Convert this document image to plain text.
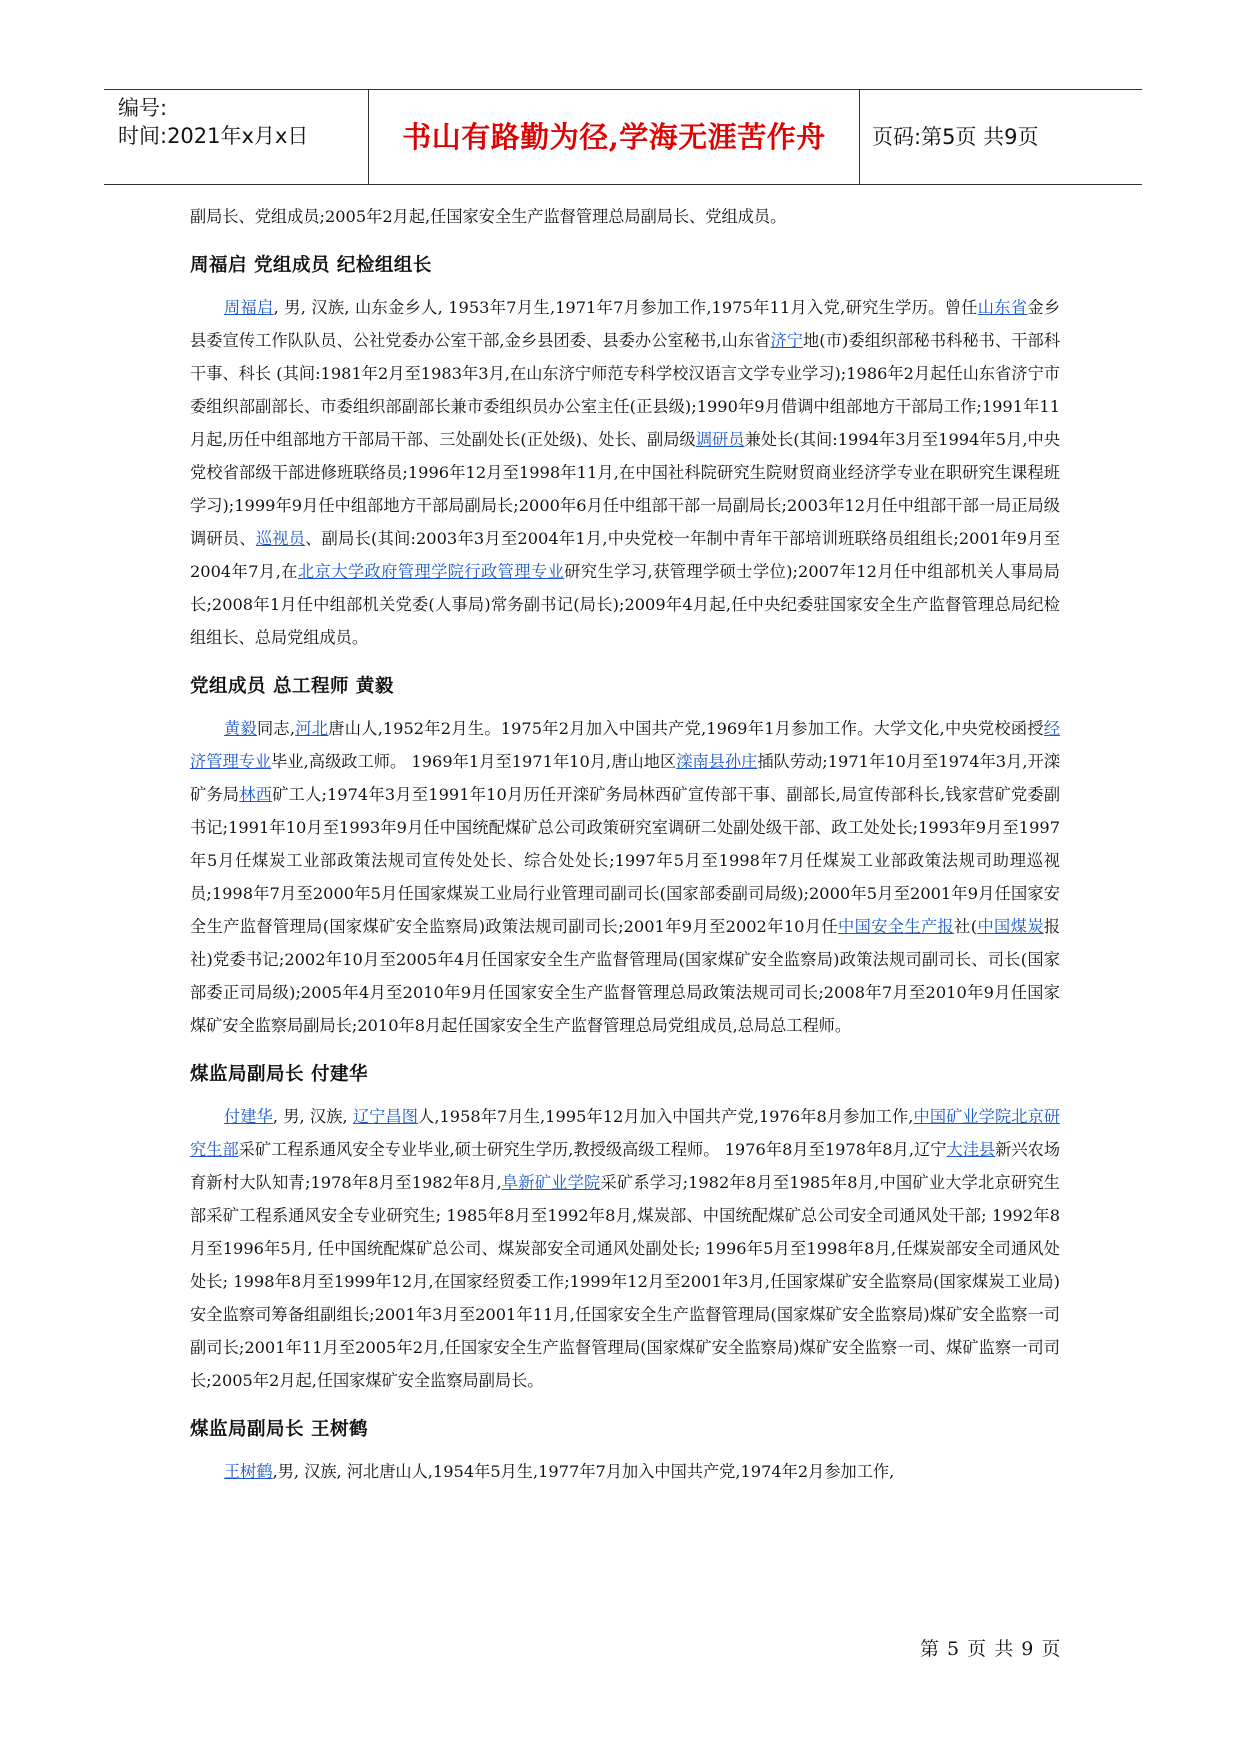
编号:
时间:2021年x月x日	书山有路勤为径,学海无涯苦作舟	页码:第5页 共9页

副局长、党组成员;2005年2月起,任国家安全生产监督管理总局副局长、党组成员。

周福启 党组成员 纪检组组长

周福启, 男, 汉族, 山东金乡人, 1953年7月生,1971年7月参加工作,1975年11月入党,研究生学历。曾任山东省金乡县委宣传工作队队员、公社党委办公室干部,金乡县团委、县委办公室秘书,山东省济宁地(市)委组织部秘书科秘书、干部科干事、科长 (其间:1981年2月至1983年3月,在山东济宁师范专科学校汉语言文学专业学习);1986年2月起任山东省济宁市委组织部副部长、市委组织部副部长兼市委组织员办公室主任(正县级);1990年9月借调中组部地方干部局工作;1991年11月起,历任中组部地方干部局干部、三处副处长(正处级)、处长、副局级调研员兼处长(其间:1994年3月至1994年5月,中央党校省部级干部进修班联络员;1996年12月至1998年11月,在中国社科院研究生院财贸商业经济学专业在职研究生课程班学习);1999年9月任中组部地方干部局副局长;2000年6月任中组部干部一局副局长;2003年12月任中组部干部一局正局级调研员、巡视员、副局长(其间:2003年3月至2004年1月,中央党校一年制中青年干部培训班联络员组组长;2001年9月至2004年7月,在北京大学政府管理学院行政管理专业研究生学习,获管理学硕士学位);2007年12月任中组部机关人事局局长;2008年1月任中组部机关党委(人事局)常务副书记(局长);2009年4月起,任中央纪委驻国家安全生产监督管理总局纪检组组长、总局党组成员。

党组成员 总工程师 黄毅

黄毅同志,河北唐山人,1952年2月生。1975年2月加入中国共产党,1969年1月参加工作。大学文化,中央党校函授经济管理专业毕业,高级政工师。 1969年1月至1971年10月,唐山地区滦南县孙庄插队劳动;1971年10月至1974年3月,开滦矿务局林西矿工人;1974年3月至1991年10月历任开滦矿务局林西矿宣传部干事、副部长,局宣传部科长,钱家营矿党委副书记;1991年10月至1993年9月任中国统配煤矿总公司政策研究室调研二处副处级干部、政工处处长;1993年9月至1997年5月任煤炭工业部政策法规司宣传处处长、综合处处长;1997年5月至1998年7月任煤炭工业部政策法规司助理巡视员;1998年7月至2000年5月任国家煤炭工业局行业管理司副司长(国家部委副司局级);2000年5月至2001年9月任国家安全生产监督管理局(国家煤矿安全监察局)政策法规司副司长;2001年9月至2002年10月任中国安全生产报社(中国煤炭报社)党委书记;2002年10月至2005年4月任国家安全生产监督管理局(国家煤矿安全监察局)政策法规司副司长、司长(国家部委正司局级);2005年4月至2010年9月任国家安全生产监督管理总局政策法规司司长;2008年7月至2010年9月任国家煤矿安全监察局副局长;2010年8月起任国家安全生产监督管理总局党组成员,总局总工程师。

煤监局副局长 付建华

付建华, 男, 汉族, 辽宁昌图人,1958年7月生,1995年12月加入中国共产党,1976年8月参加工作,中国矿业学院北京研究生部采矿工程系通风安全专业毕业,硕士研究生学历,教授级高级工程师。 1976年8月至1978年8月,辽宁大洼县新兴农场育新村大队知青;1978年8月至1982年8月,阜新矿业学院采矿系学习;1982年8月至1985年8月,中国矿业大学北京研究生部采矿工程系通风安全专业研究生; 1985年8月至1992年8月,煤炭部、中国统配煤矿总公司安全司通风处干部; 1992年8月至1996年5月, 任中国统配煤矿总公司、煤炭部安全司通风处副处长; 1996年5月至1998年8月,任煤炭部安全司通风处处长; 1998年8月至1999年12月,在国家经贸委工作;1999年12月至2001年3月,任国家煤矿安全监察局(国家煤炭工业局)安全监察司筹备组副组长;2001年3月至2001年11月,任国家安全生产监督管理局(国家煤矿安全监察局)煤矿安全监察一司副司长;2001年11月至2005年2月,任国家安全生产监督管理局(国家煤矿安全监察局)煤矿安全监察一司、煤矿监察一司司长;2005年2月起,任国家煤矿安全监察局副局长。

煤监局副局长 王树鹤

王树鹤,男, 汉族, 河北唐山人,1954年5月生,1977年7月加入中国共产党,1974年2月参加工作,

第 5 页 共 9 页
